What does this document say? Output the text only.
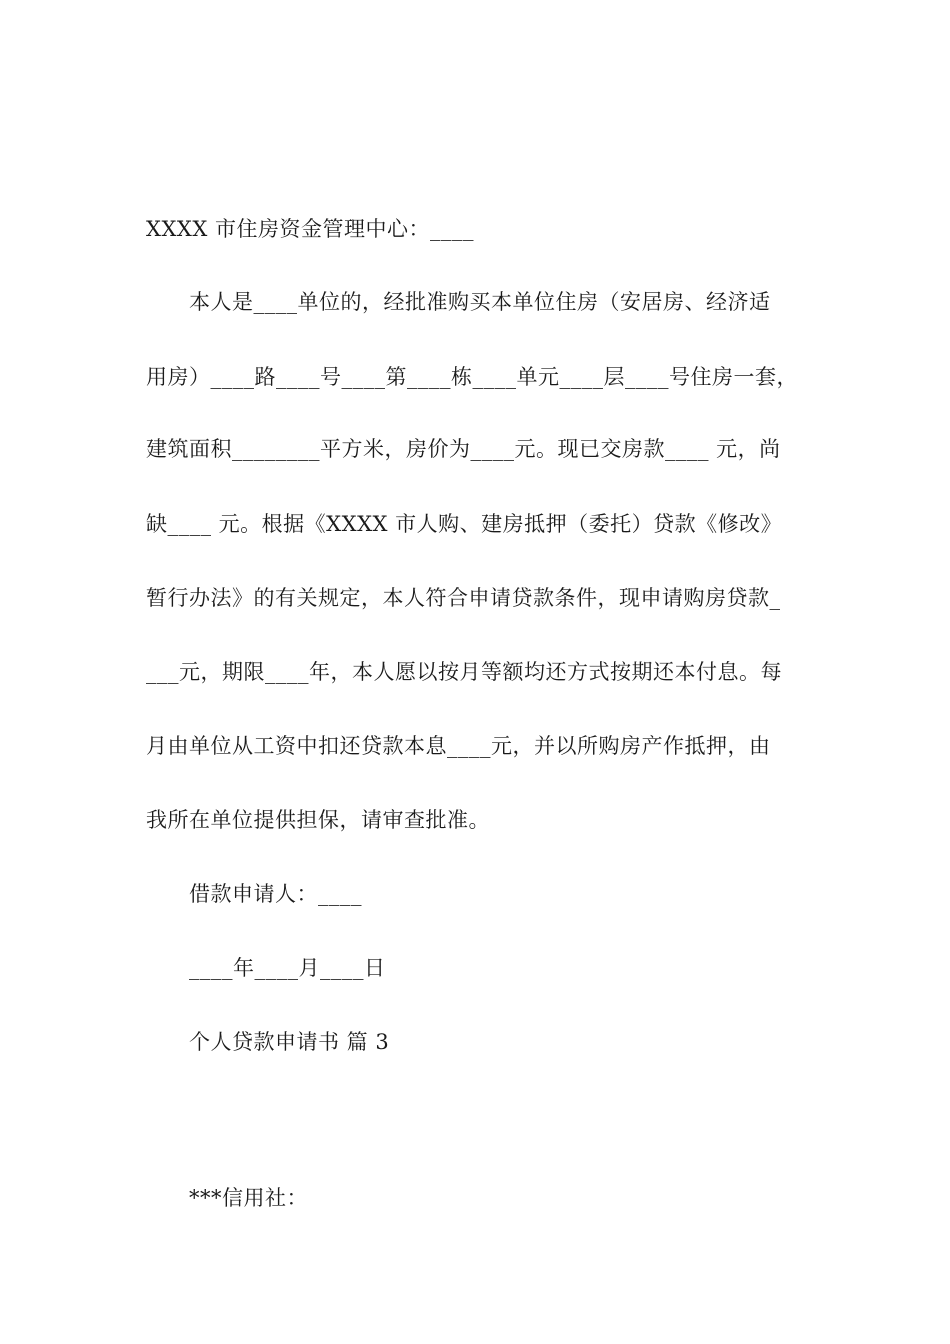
XXXX 市住房资金管理中心：____
本人是____单位的，经批准购买本单位住房（安居房、经济适
用房）____路____号____第____栋____单元____层____号住房一套，
建筑面积________平方米，房价为____元。现已交房款____ 元，尚
缺____ 元。根据《XXXX 市人购、建房抵押（委托）贷款《修改》
暂行办法》的有关规定，本人符合申请贷款条件，现申请购房贷款_
___元，期限____年，本人愿以按月等额均还方式按期还本付息。每
月由单位从工资中扣还贷款本息____元，并以所购房产作抵押，由
我所在单位提供担保，请审查批准。
借款申请人：____
____年____月____日
个人贷款申请书 篇 3
***信用社：
